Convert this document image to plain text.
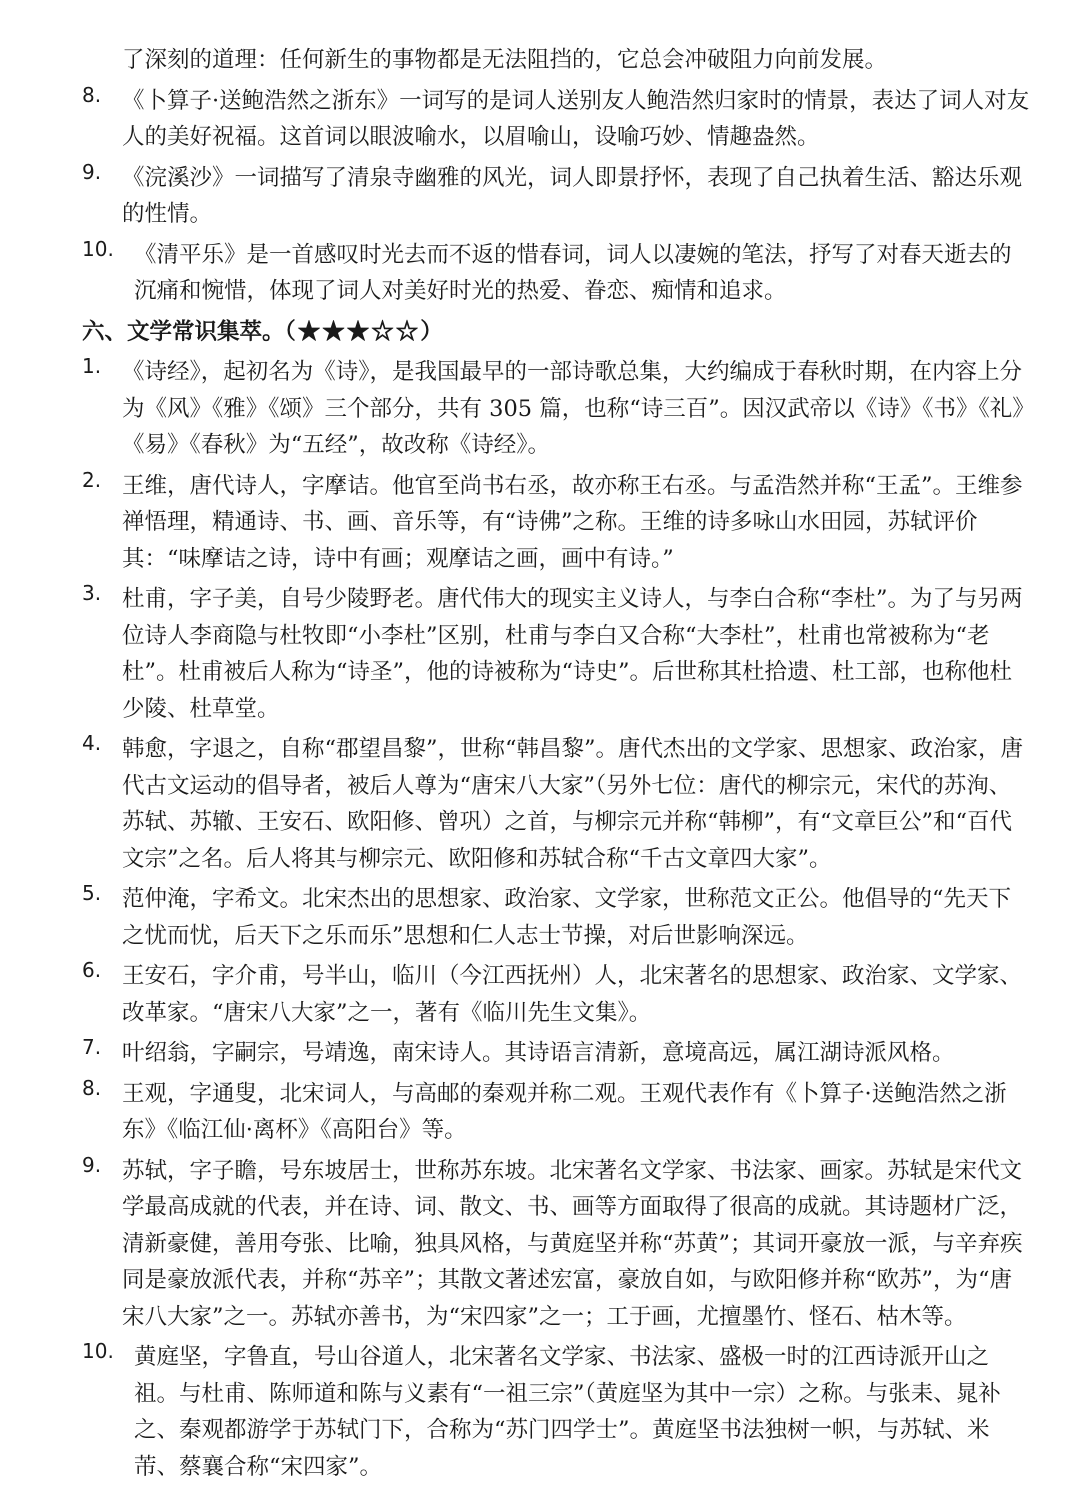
了深刻的道理：任何新生的事物都是无法阻挡的，它总会冲破阻力向前发展。

8. 《卜算子·送鲍浩然之浙东》一词写的是词人送别友人鲍浩然归家时的情景，表达了词人对友人的美好祝福。这首词以眼波喻水，以眉喻山，设喻巧妙、情趣盎然。

9. 《浣溪沙》一词描写了清泉寺幽雅的风光，词人即景抒怀，表现了自己执着生活、豁达乐观的性情。

10. 《清平乐》是一首感叹时光去而不返的惜春词，词人以凄婉的笔法，抒写了对春天逝去的沉痛和惋惜，体现了词人对美好时光的热爱、眷恋、痴情和追求。

六、文学常识集萃。（★★★☆☆）
1. 《诗经》，起初名为《诗》，是我国最早的一部诗歌总集，大约编成于春秋时期，在内容上分为《风》《雅》《颂》三个部分，共有 305 篇，也称“诗三百”。因汉武帝以《诗》《书》《礼》《易》《春秋》为“五经”，故改称《诗经》。

2. 王维，唐代诗人，字摩诘。他官至尚书右丞，故亦称王右丞。与孟浩然并称“王孟”。王维参禅悟理，精通诗、书、画、音乐等，有“诗佛”之称。王维的诗多咏山水田园，苏轼评价其：“味摩诘之诗，诗中有画；观摩诘之画，画中有诗。”

3. 杜甫，字子美，自号少陵野老。唐代伟大的现实主义诗人，与李白合称“李杜”。为了与另两位诗人李商隐与杜牧即“小李杜”区别，杜甫与李白又合称“大李杜”，杜甫也常被称为“老杜”。杜甫被后人称为“诗圣”，他的诗被称为“诗史”。后世称其杜拾遗、杜工部，也称他杜少陵、杜草堂。

4. 韩愈，字退之，自称“郡望昌黎”，世称“韩昌黎”。唐代杰出的文学家、思想家、政治家，唐代古文运动的倡导者，被后人尊为“唐宋八大家”（另外七位：唐代的柳宗元，宋代的苏洵、苏轼、苏辙、王安石、欧阳修、曾巩）之首，与柳宗元并称“韩柳”，有“文章巨公”和“百代文宗”之名。后人将其与柳宗元、欧阳修和苏轼合称“千古文章四大家”。

5. 范仲淹，字希文。北宋杰出的思想家、政治家、文学家，世称范文正公。他倡导的“先天下之忧而忧，后天下之乐而乐”思想和仁人志士节操，对后世影响深远。

6. 王安石，字介甫，号半山，临川（今江西抚州）人，北宋著名的思想家、政治家、文学家、改革家。“唐宋八大家”之一，著有《临川先生文集》。

7. 叶绍翁，字嗣宗，号靖逸，南宋诗人。其诗语言清新，意境高远，属江湖诗派风格。

8. 王观，字通叟，北宋词人，与高邮的秦观并称二观。王观代表作有《卜算子·送鲍浩然之浙东》《临江仙·离杯》《高阳台》等。

9. 苏轼，字子瞻，号东坡居士，世称苏东坡。北宋著名文学家、书法家、画家。苏轼是宋代文学最高成就的代表，并在诗、词、散文、书、画等方面取得了很高的成就。其诗题材广泛，清新豪健，善用夸张、比喻，独具风格，与黄庭坚并称“苏黄”；其词开豪放一派，与辛弃疾同是豪放派代表，并称“苏辛”；其散文著述宏富，豪放自如，与欧阳修并称“欧苏”，为“唐宋八大家”之一。苏轼亦善书，为“宋四家”之一；工于画，尤擅墨竹、怪石、枯木等。

10. 黄庭坚，字鲁直，号山谷道人，北宋著名文学家、书法家、盛极一时的江西诗派开山之祖。与杜甫、陈师道和陈与义素有“一祖三宗”（黄庭坚为其中一宗）之称。与张耒、晁补之、秦观都游学于苏轼门下，合称为“苏门四学士”。黄庭坚书法独树一帜，与苏轼、米芾、蔡襄合称“宋四家”。
